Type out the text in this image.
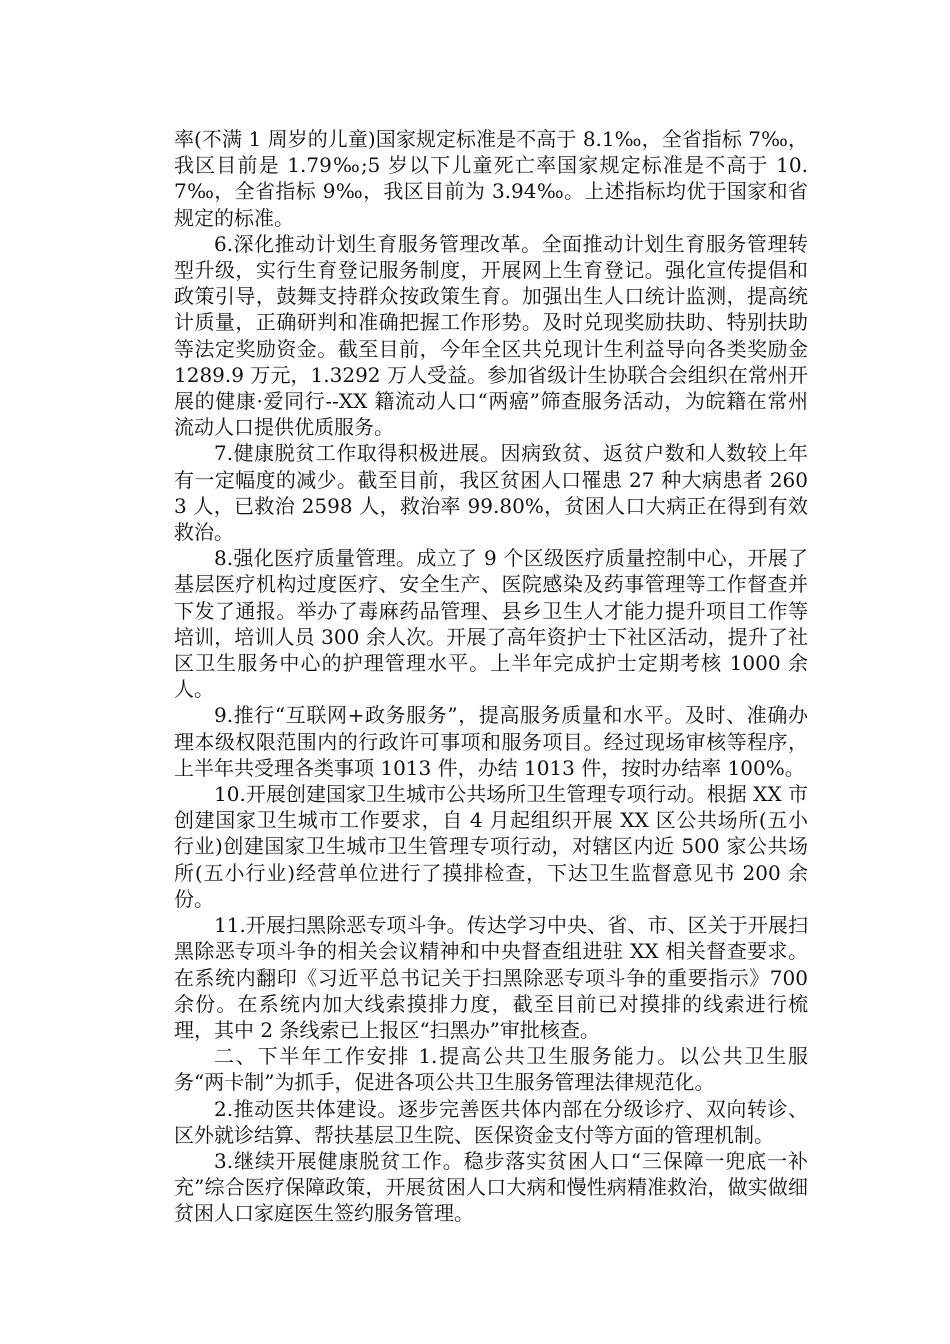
率(不满 1 周岁的儿童)国家规定标准是不高于 8.1‰，全省指标 7‰，我区目前是 1.79‰;5 岁以下儿童死亡率国家规定标准是不高于 10.7‰，全省指标 9‰，我区目前为 3.94‰。上述指标均优于国家和省规定的标准。

6.深化推动计划生育服务管理改革。全面推动计划生育服务管理转型升级，实行生育登记服务制度，开展网上生育登记。强化宣传提倡和政策引导，鼓舞支持群众按政策生育。加强出生人口统计监测，提高统计质量，正确研判和准确把握工作形势。及时兑现奖励扶助、特别扶助等法定奖励资金。截至目前，今年全区共兑现计生利益导向各类奖励金 1289.9 万元，1.3292 万人受益。参加省级计生协联合会组织在常州开展的健康·爱同行--XX 籍流动人口“两癌”筛查服务活动，为皖籍在常州流动人口提供优质服务。

7.健康脱贫工作取得积极进展。因病致贫、返贫户数和人数较上年有一定幅度的减少。截至目前，我区贫困人口罹患 27 种大病患者 2603 人，已救治 2598 人，救治率 99.80%，贫困人口大病正在得到有效救治。

8.强化医疗质量管理。成立了 9 个区级医疗质量控制中心，开展了基层医疗机构过度医疗、安全生产、医院感染及药事管理等工作督查并下发了通报。举办了毒麻药品管理、县乡卫生人才能力提升项目工作等培训，培训人员 300 余人次。开展了高年资护士下社区活动，提升了社区卫生服务中心的护理管理水平。上半年完成护士定期考核 1000 余人。

9.推行“互联网+政务服务”，提高服务质量和水平。及时、准确办理本级权限范围内的行政许可事项和服务项目。经过现场审核等程序，上半年共受理各类事项 1013 件，办结 1013 件，按时办结率 100%。

10.开展创建国家卫生城市公共场所卫生管理专项行动。根据 XX 市创建国家卫生城市工作要求，自 4 月起组织开展 XX 区公共场所(五小行业)创建国家卫生城市卫生管理专项行动，对辖区内近 500 家公共场所(五小行业)经营单位进行了摸排检查，下达卫生监督意见书 200 余份。

11.开展扫黑除恶专项斗争。传达学习中央、省、市、区关于开展扫黑除恶专项斗争的相关会议精神和中央督查组进驻 XX 相关督查要求。在系统内翻印《习近平总书记关于扫黑除恶专项斗争的重要指示》700 余份。在系统内加大线索摸排力度，截至目前已对摸排的线索进行梳理，其中 2 条线索已上报区“扫黑办”审批核查。

二、下半年工作安排 1.提高公共卫生服务能力。以公共卫生服务“两卡制”为抓手，促进各项公共卫生服务管理法律规范化。

2.推动医共体建设。逐步完善医共体内部在分级诊疗、双向转诊、区外就诊结算、帮扶基层卫生院、医保资金支付等方面的管理机制。

3.继续开展健康脱贫工作。稳步落实贫困人口“三保障一兜底一补充”综合医疗保障政策，开展贫困人口大病和慢性病精准救治，做实做细贫困人口家庭医生签约服务管理。
